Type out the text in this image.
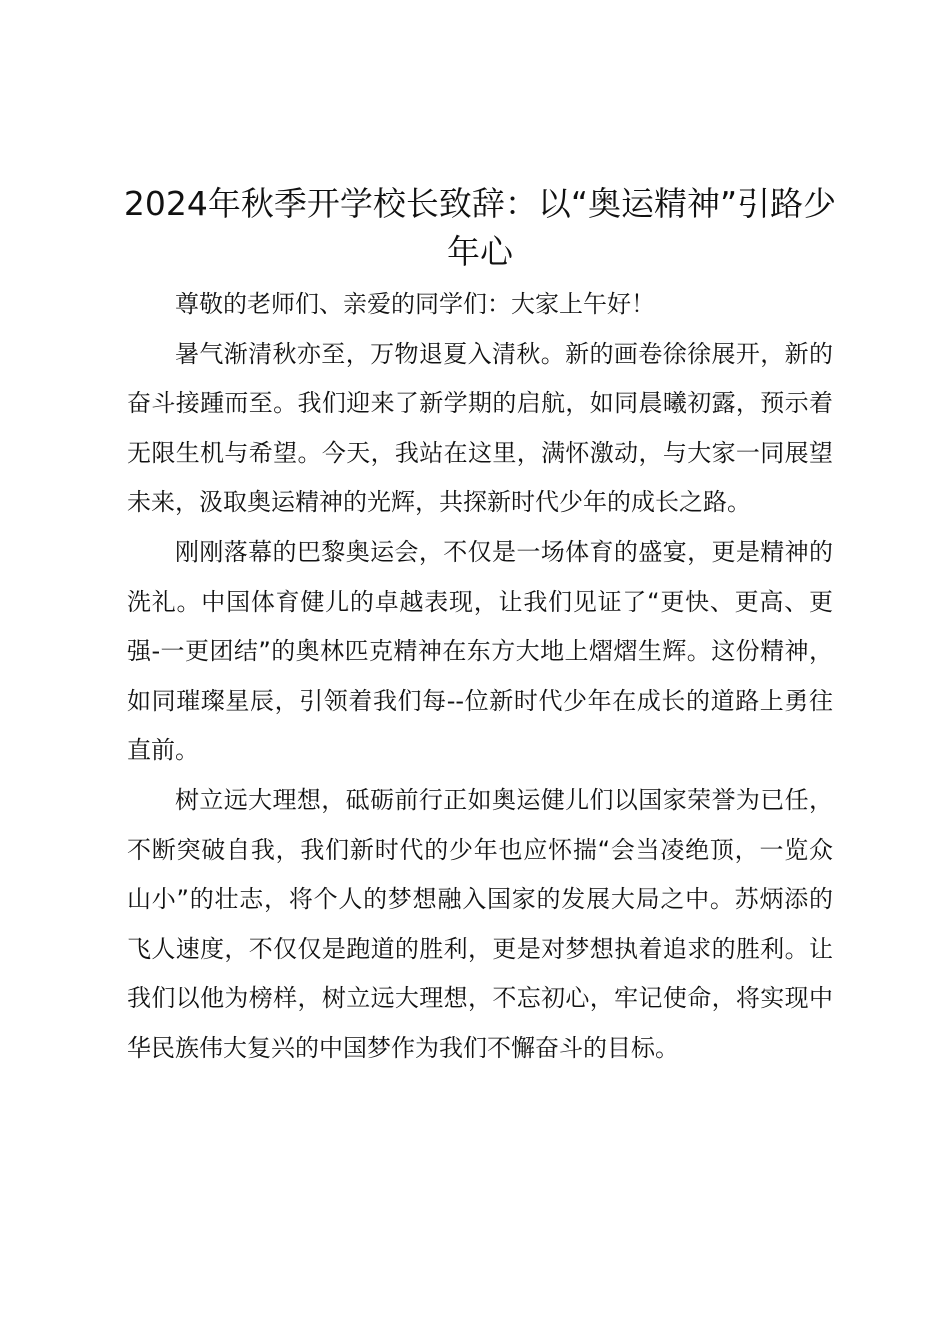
2024年秋季开学校长致辞：以“奥运精神”引路少年心

尊敬的老师们、亲爱的同学们：大家上午好！

暑气渐清秋亦至，万物退夏入清秋。新的画卷徐徐展开，新的奋斗接踵而至。我们迎来了新学期的启航，如同晨曦初露，预示着无限生机与希望。今天，我站在这里，满怀激动，与大家一同展望未来，汲取奥运精神的光辉，共探新时代少年的成长之路。

刚刚落幕的巴黎奥运会，不仅是一场体育的盛宴，更是精神的洗礼。中国体育健儿的卓越表现，让我们见证了“更快、更高、更强-一更团结”的奥林匹克精神在东方大地上熠熠生辉。这份精神，如同璀璨星辰，引领着我们每--位新时代少年在成长的道路上勇往直前。

树立远大理想，砥砺前行正如奥运健儿们以国家荣誉为已任，不断突破自我，我们新时代的少年也应怀揣“会当凌绝顶，一览众山小”的壮志，将个人的梦想融入国家的发展大局之中。苏炳添的飞人速度，不仅仅是跑道的胜利，更是对梦想执着追求的胜利。让我们以他为榜样，树立远大理想，不忘初心，牢记使命，将实现中华民族伟大复兴的中国梦作为我们不懈奋斗的目标。
